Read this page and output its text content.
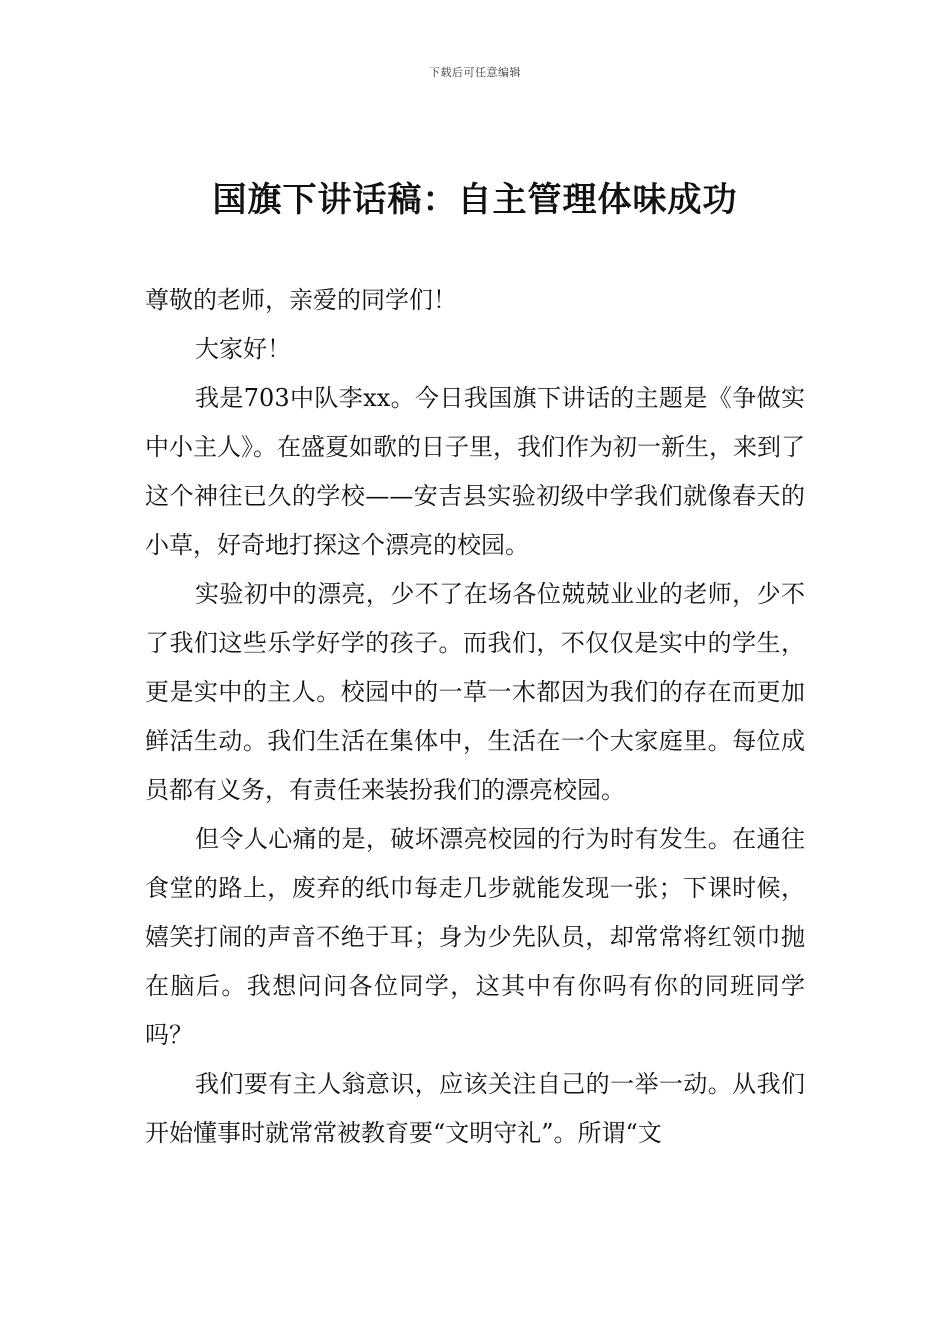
下载后可任意编辑
国旗下讲话稿：自主管理体味成功

尊敬的老师，亲爱的同学们！

大家好！

我是703中队李xx。今日我国旗下讲话的主题是《争做实中小主人》。在盛夏如歌的日子里，我们作为初一新生，来到了这个神往已久的学校——安吉县实验初级中学我们就像春天的小草，好奇地打探这个漂亮的校园。

实验初中的漂亮，少不了在场各位兢兢业业的老师，少不了我们这些乐学好学的孩子。而我们，不仅仅是实中的学生，更是实中的主人。校园中的一草一木都因为我们的存在而更加鲜活生动。我们生活在集体中，生活在一个大家庭里。每位成员都有义务，有责任来装扮我们的漂亮校园。

但令人心痛的是，破坏漂亮校园的行为时有发生。在通往食堂的路上，废弃的纸巾每走几步就能发现一张；下课时候，嬉笑打闹的声音不绝于耳；身为少先队员，却常常将红领巾抛在脑后。我想问问各位同学，这其中有你吗有你的同班同学吗？

我们要有主人翁意识，应该关注自己的一举一动。从我们开始懂事时就常常被教育要“文明守礼”。所谓“文
